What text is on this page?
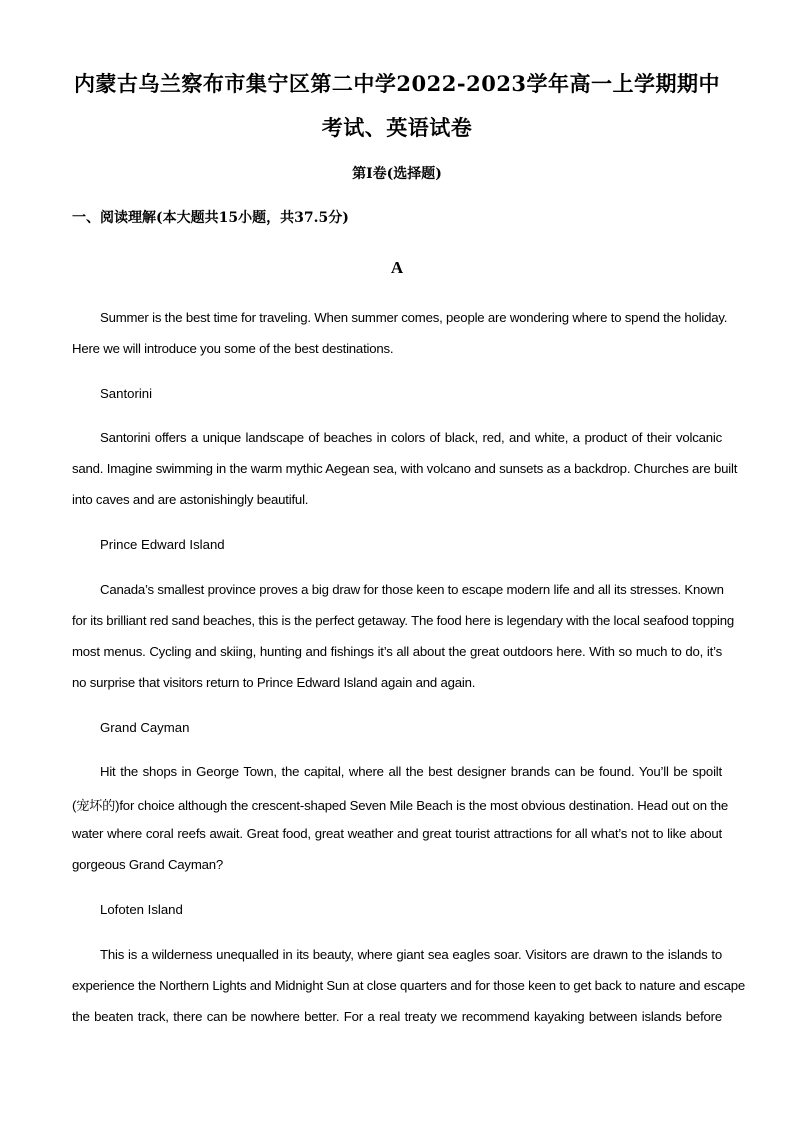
内蒙古乌兰察布市集宁区第二中学2022-2023学年高一上学期期中
考试、英语试卷
第I卷(选择题)
一、阅读理解(本大题共15小题，共37.5分)
A
Summer is the best time for traveling. When summer comes, people are wondering where to spend the holiday.
Here we will introduce you some of the best destinations.
Santorini
Santorini offers a unique landscape of beaches in colors of black, red, and white, a product of their volcanic
sand. Imagine swimming in the warm mythic Aegean sea, with volcano and sunsets as a backdrop. Churches are built
into caves and are astonishingly beautiful.
Prince Edward Island
Canada’s smallest province proves a big draw for those keen to escape modern life and all its stresses. Known
for its brilliant red sand beaches, this is the perfect getaway. The food here is legendary with the local seafood topping
most menus. Cycling and skiing, hunting and fishings it’s all about the great outdoors here. With so much to do, it’s
no surprise that visitors return to Prince Edward Island again and again.
Grand Cayman
Hit the shops in George Town, the capital, where all the best designer brands can be found. You’ll be spoilt
(宠坏的)for choice although the crescent-shaped Seven Mile Beach is the most obvious destination. Head out on the
water where coral reefs await. Great food, great weather and great tourist attractions for all what’s not to like about
gorgeous Grand Cayman?
Lofoten Island
This is a wilderness unequalled in its beauty, where giant sea eagles soar. Visitors are drawn to the islands to
experience the Northern Lights and Midnight Sun at close quarters and for those keen to get back to nature and escape
the beaten track, there can be nowhere better. For a real treaty we recommend kayaking between islands before
